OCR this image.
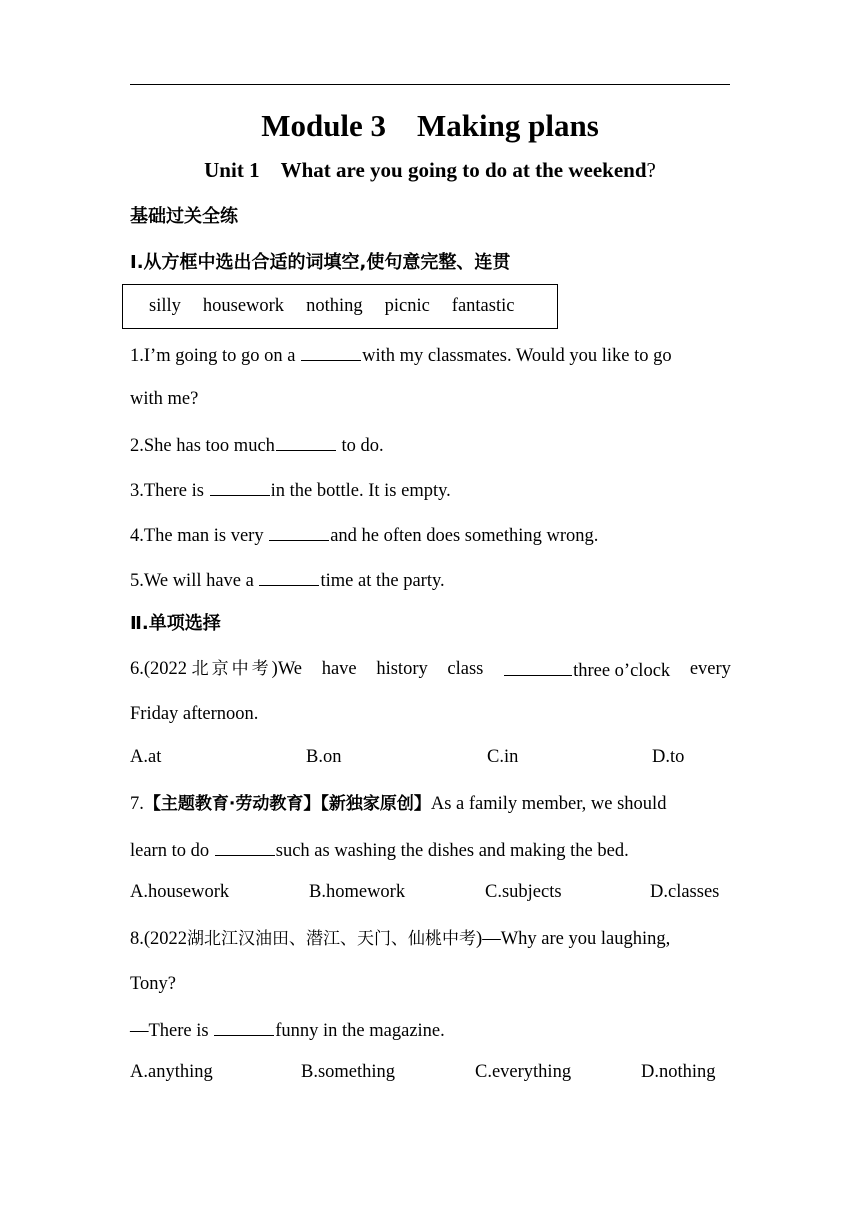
Module 3    Making plans
Unit 1 What are you going to do at the weekend?
基础过关全练
Ⅰ.从方框中选出合适的词填空,使句意完整、连贯
silly housework nothing picnic fantastic
1.I’m going to go on a	with my classmates. Would you like to go
with me?
2.She has too much	to do.
3.There is	in the bottle. It is empty.
4.The man is very	and he often does something wrong.
5.We will have a	time at the party.
Ⅱ.单项选择
6.(2022 北京中考)We have history class	three o’clock every
Friday afternoon.
A.at	B.on	C.in	D.to
7.【主题教育·劳动教育】【新独家原创】As a family member, we should
learn to do	such as washing the dishes and making the bed.
A.housework	B.homework	C.subjects	D.classes
8.(2022湖北江汉油田、潜江、天门、仙桃中考)—Why are you laughing,
Tony?
—There is	funny in the magazine.
A.anything	B.something	C.everything	D.nothing
